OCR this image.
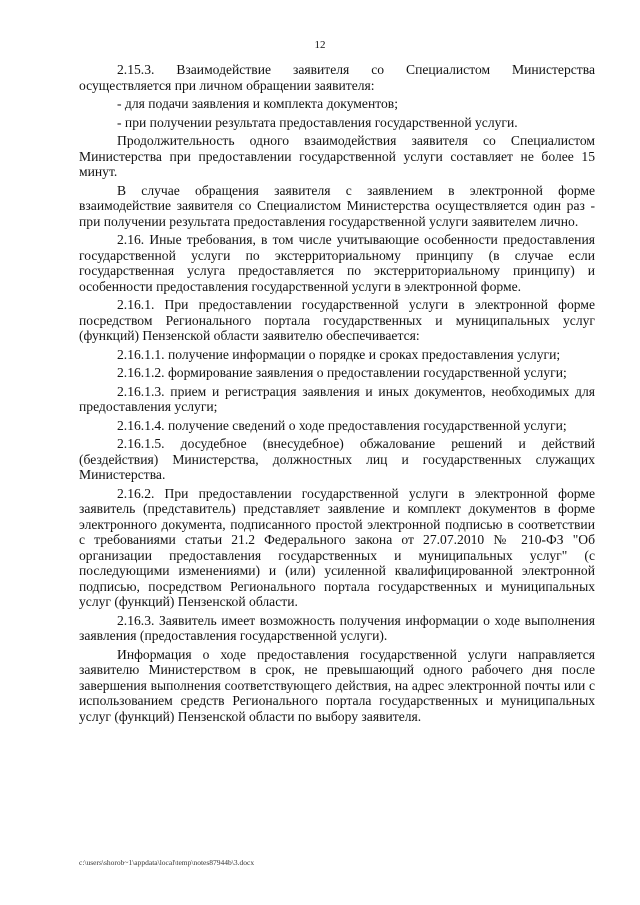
12

2.15.3. Взаимодействие заявителя со Специалистом Министерства осуществляется при личном обращении заявителя:

- для подачи заявления и комплекта документов;

- при получении результата предоставления государственной услуги.

Продолжительность одного взаимодействия заявителя со Специалистом Министерства при предоставлении государственной услуги составляет не более 15 минут.

В случае обращения заявителя с заявлением в электронной форме взаимодействие заявителя со Специалистом Министерства осуществляется один раз - при получении результата предоставления государственной услуги заявителем лично.

2.16. Иные требования, в том числе учитывающие особенности предоставления государственной услуги по экстерриториальному принципу (в случае если государственная услуга предоставляется по экстерриториальному принципу) и особенности предоставления государственной услуги в электронной форме.

2.16.1. При предоставлении государственной услуги в электронной форме посредством Регионального портала государственных и муниципальных услуг (функций) Пензенской области заявителю обеспечивается:

2.16.1.1. получение информации о порядке и сроках предоставления услуги;

2.16.1.2. формирование заявления о предоставлении государственной услуги;

2.16.1.3. прием и регистрация заявления и иных документов, необходимых для предоставления услуги;

2.16.1.4. получение сведений о ходе предоставления государственной услуги;

2.16.1.5. досудебное (внесудебное) обжалование решений и действий (бездействия) Министерства, должностных лиц и государственных служащих Министерства.

2.16.2. При предоставлении государственной услуги в электронной форме заявитель (представитель) представляет заявление и комплект документов в форме электронного документа, подписанного простой электронной подписью в соответствии с требованиями статьи 21.2 Федерального закона от 27.07.2010 № 210-ФЗ "Об организации предоставления государственных и муниципальных услуг" (с последующими изменениями) и (или) усиленной квалифицированной электронной подписью, посредством Регионального портала государственных и муниципальных услуг (функций) Пензенской области.

2.16.3. Заявитель имеет возможность получения информации о ходе выполнения заявления (предоставления государственной услуги).

Информация о ходе предоставления государственной услуги направляется заявителю Министерством в срок, не превышающий одного рабочего дня после завершения выполнения соответствующего действия, на адрес электронной почты или с использованием средств Регионального портала государственных и муниципальных услуг (функций) Пензенской области по выбору заявителя.

c:\users\shorob~1\appdata\local\temp\notes87944b\3.docx
